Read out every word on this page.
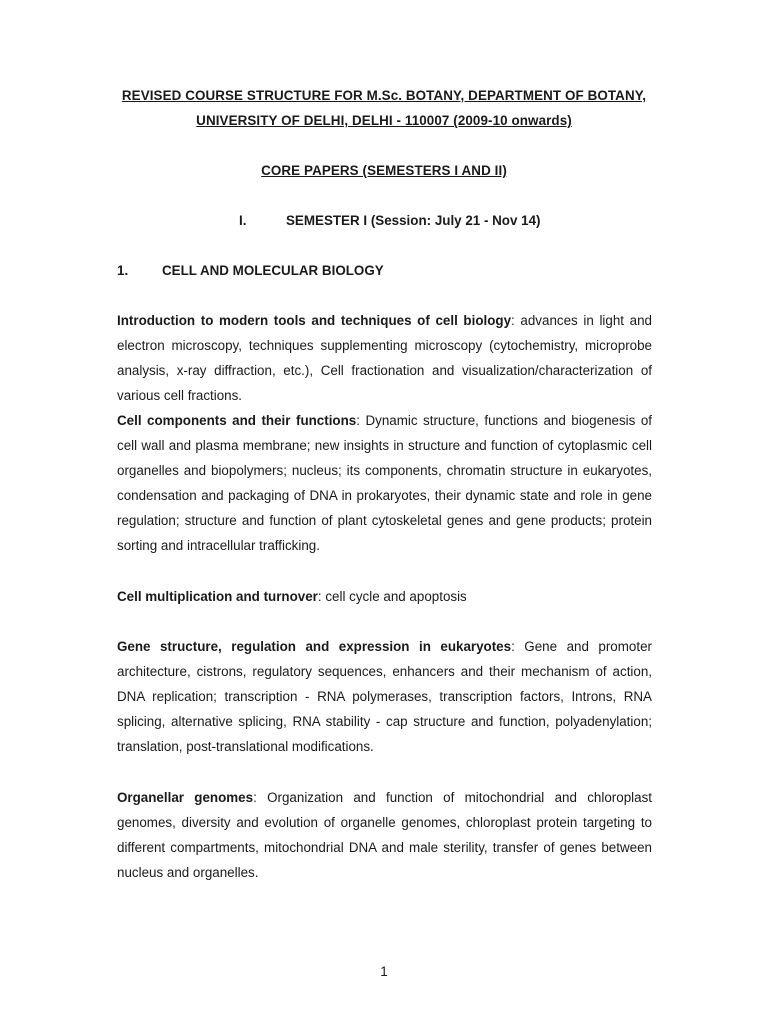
REVISED COURSE STRUCTURE FOR M.Sc. BOTANY, DEPARTMENT OF BOTANY,
UNIVERSITY OF DELHI, DELHI - 110007 (2009-10 onwards)
CORE PAPERS (SEMESTERS I AND II)
I.	SEMESTER I (Session: July 21 - Nov 14)
1.	CELL AND MOLECULAR BIOLOGY
Introduction to modern tools and techniques of cell biology: advances in light and electron microscopy, techniques supplementing microscopy (cytochemistry, microprobe analysis, x-ray diffraction, etc.), Cell fractionation and visualization/characterization of various cell fractions.
Cell components and their functions: Dynamic structure, functions and biogenesis of cell wall and plasma membrane; new insights in structure and function of cytoplasmic cell organelles and biopolymers; nucleus; its components, chromatin structure in eukaryotes, condensation and packaging of DNA in prokaryotes, their dynamic state and role in gene regulation; structure and function of plant cytoskeletal genes and gene products; protein sorting and intracellular trafficking.
Cell multiplication and turnover: cell cycle and apoptosis
Gene structure, regulation and expression in eukaryotes: Gene and promoter architecture, cistrons, regulatory sequences, enhancers and their mechanism of action, DNA replication; transcription - RNA polymerases, transcription factors, Introns, RNA splicing, alternative splicing, RNA stability - cap structure and function, polyadenylation; translation, post-translational modifications.
Organellar genomes: Organization and function of mitochondrial and chloroplast genomes, diversity and evolution of organelle genomes, chloroplast protein targeting to different compartments, mitochondrial DNA and male sterility, transfer of genes between nucleus and organelles.
1
